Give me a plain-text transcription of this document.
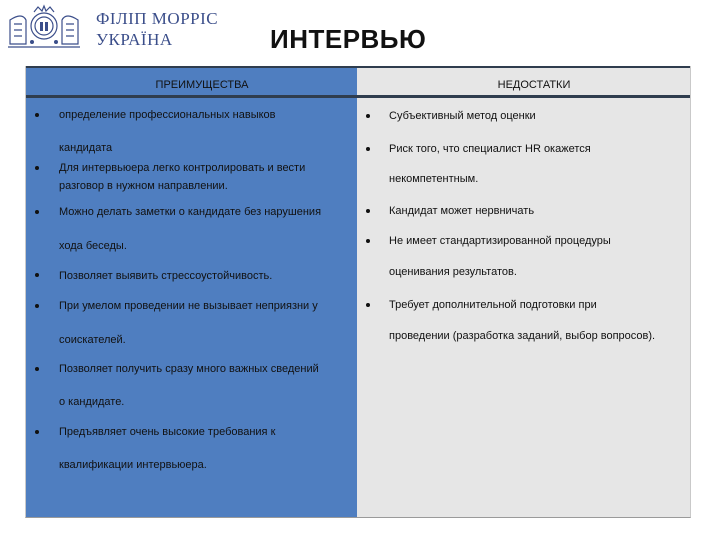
ФІЛІП МОРРІС
УКРАЇНА	ИНТЕРВЬЮ
ПРЕИМУЩЕСТВА	НЕДОСТАТКИ
определение профессиональных навыков
кандидата
Для интервьюера легко контролировать и вести
разговор в нужном направлении.
Можно делать заметки о кандидате без нарушения
хода беседы.
Позволяет выявить стрессоустойчивость.
При умелом проведении не вызывает неприязни у
соискателей.
Позволяет получить сразу много важных сведений
о кандидате.
Предъявляет очень высокие требования к
квалификации интервьюера.
Субъективный метод оценки
Риск того, что специалист HR окажется
некомпетентным.
Кандидат может нервничать
Не имеет стандартизированной процедуры
оценивания результатов.
Требует дополнительной подготовки при
проведении (разработка заданий, выбор вопросов).
